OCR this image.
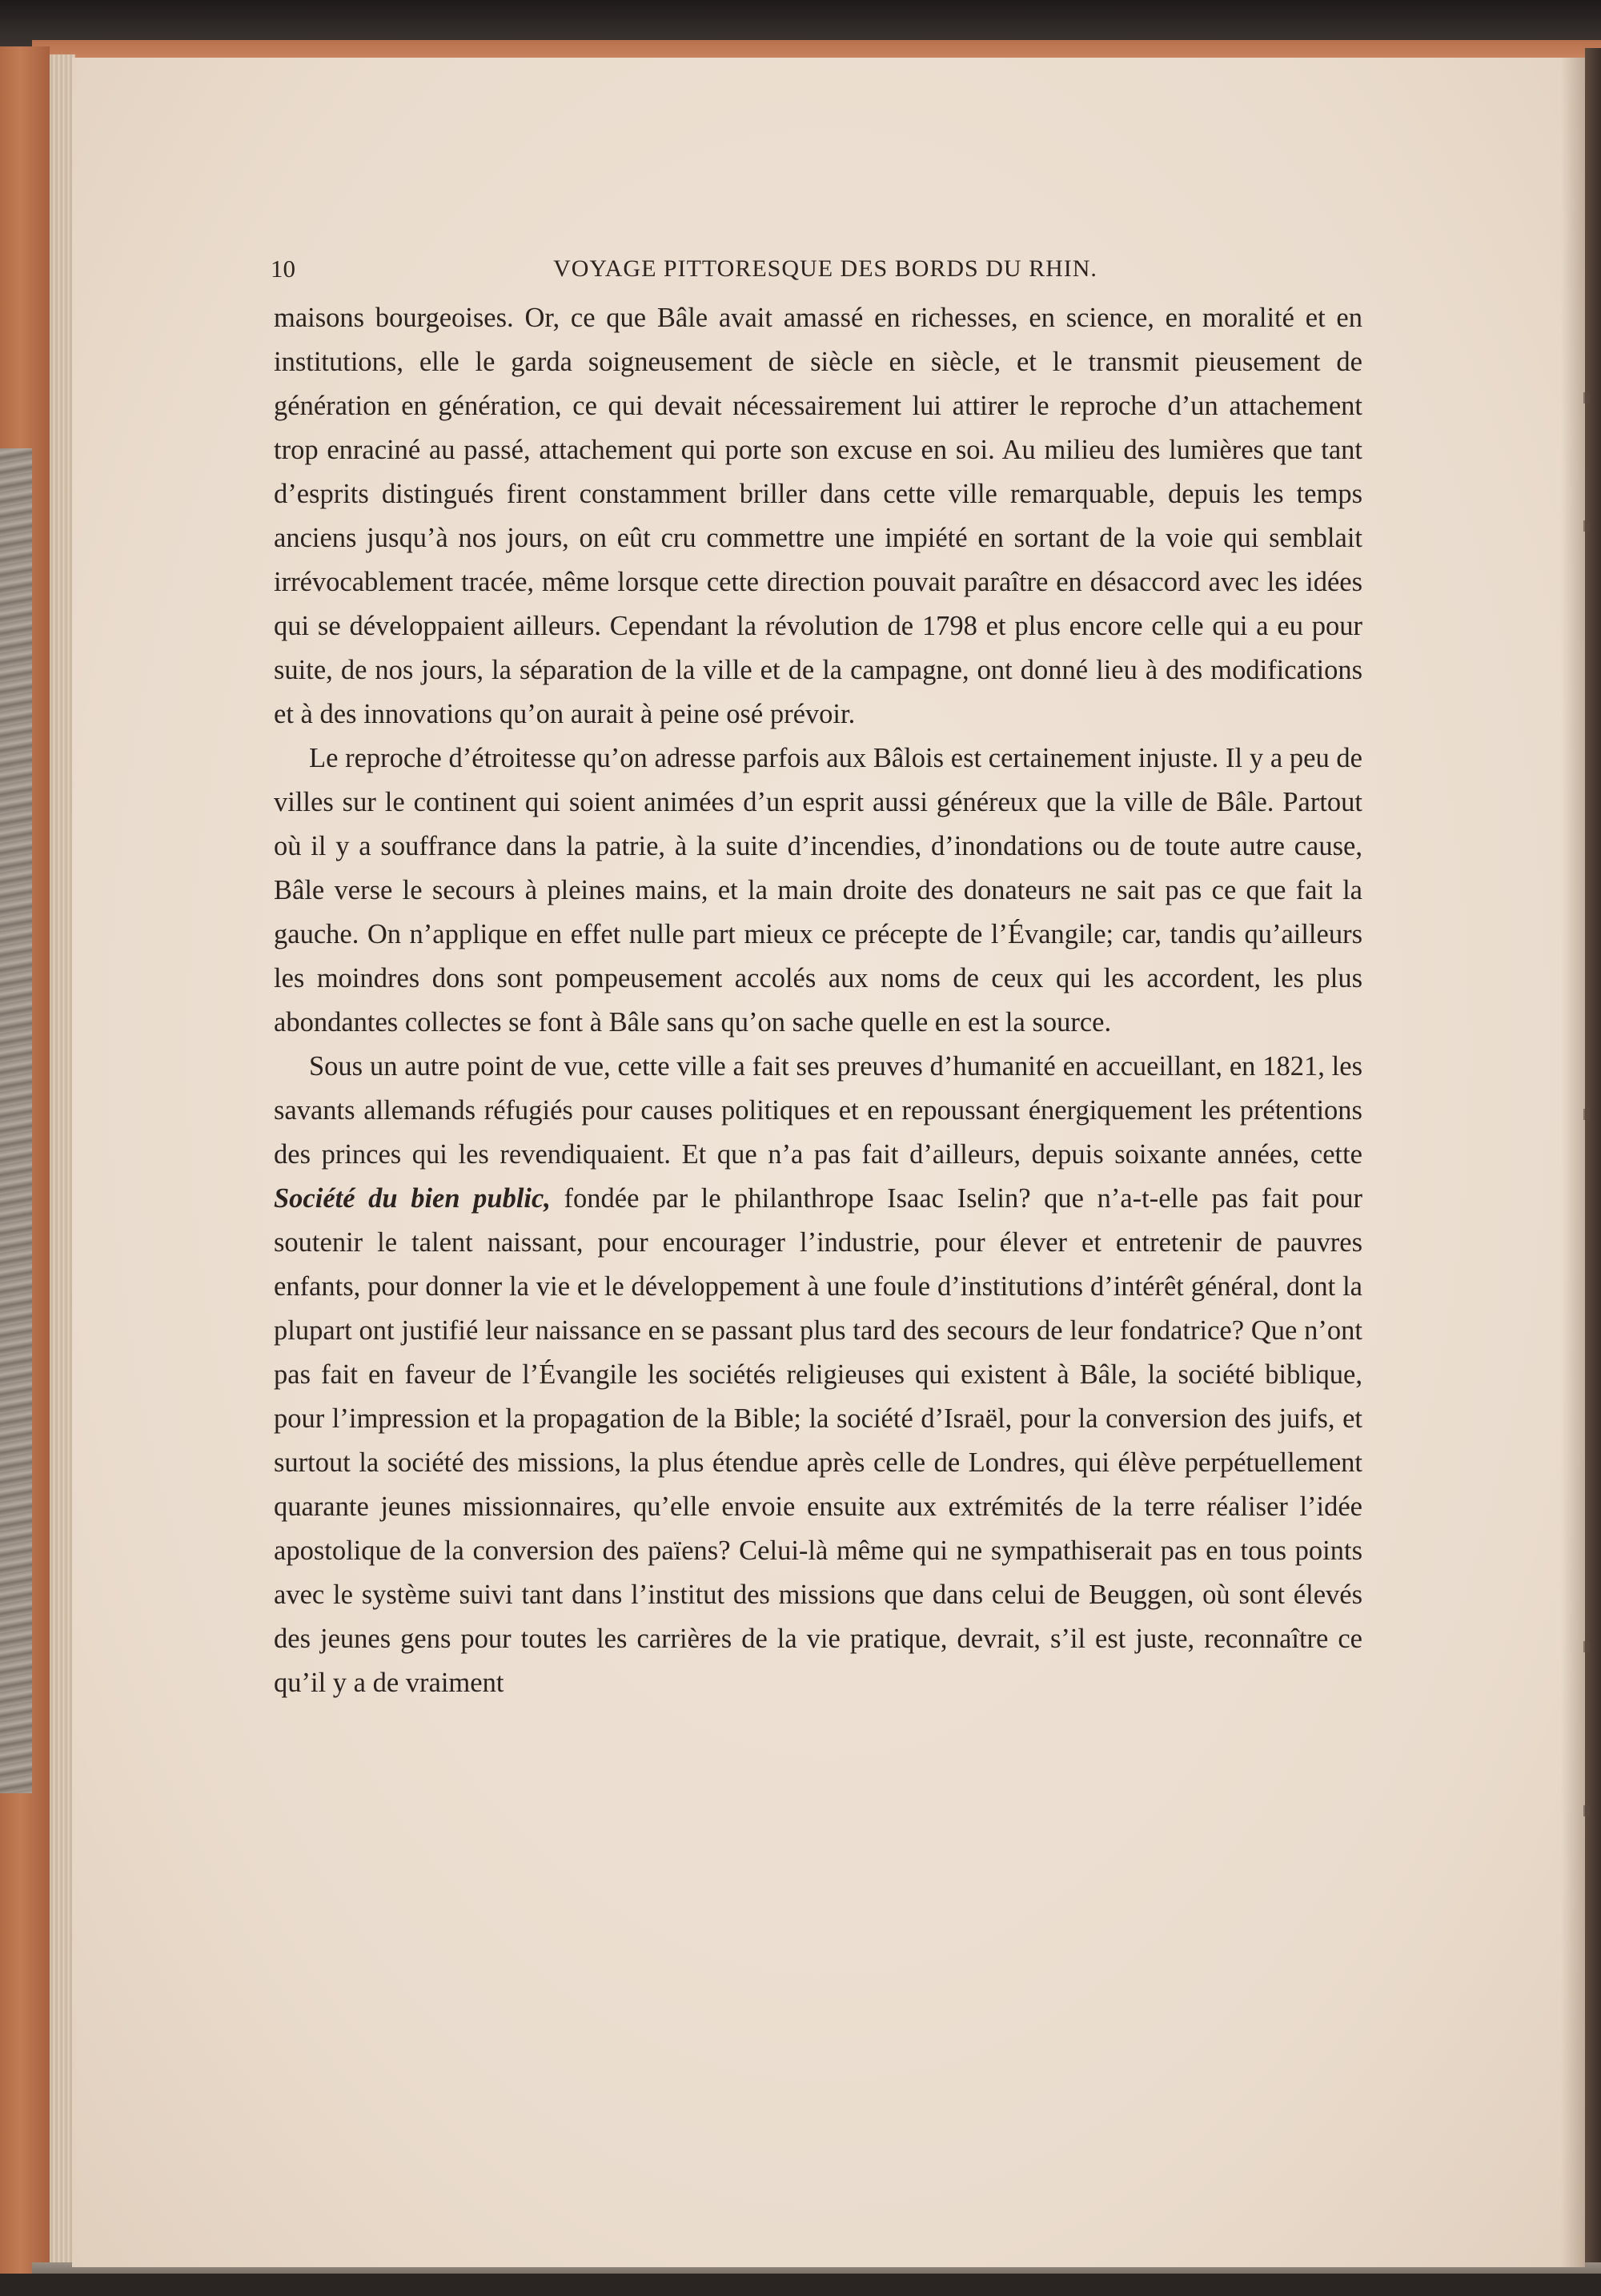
10	VOYAGE PITTORESQUE DES BORDS DU RHIN.

maisons bourgeoises. Or, ce que Bâle avait amassé en richesses, en science, en moralité et en institutions, elle le garda soigneusement de siècle en siècle, et le transmit pieusement de génération en génération, ce qui devait nécessairement lui attirer le reproche d’un attachement trop enraciné au passé, attachement qui porte son excuse en soi. Au milieu des lumières que tant d’esprits distingués firent constamment briller dans cette ville remarquable, depuis les temps anciens jusqu’à nos jours, on eût cru commettre une impiété en sortant de la voie qui semblait irrévocablement tracée, même lorsque cette direction pouvait paraître en désaccord avec les idées qui se développaient ailleurs. Cependant la révolution de 1798 et plus encore celle qui a eu pour suite, de nos jours, la séparation de la ville et de la campagne, ont donné lieu à des modifications et à des innovations qu’on aurait à peine osé prévoir.

Le reproche d’étroitesse qu’on adresse parfois aux Bâlois est certainement injuste. Il y a peu de villes sur le continent qui soient animées d’un esprit aussi généreux que la ville de Bâle. Partout où il y a souffrance dans la patrie, à la suite d’incendies, d’inondations ou de toute autre cause, Bâle verse le secours à pleines mains, et la main droite des donateurs ne sait pas ce que fait la gauche. On n’applique en effet nulle part mieux ce précepte de l’Évangile; car, tandis qu’ailleurs les moindres dons sont pompeusement accolés aux noms de ceux qui les accordent, les plus abondantes collectes se font à Bâle sans qu’on sache quelle en est la source.

Sous un autre point de vue, cette ville a fait ses preuves d’humanité en accueillant, en 1821, les savants allemands réfugiés pour causes politiques et en repoussant énergiquement les prétentions des princes qui les revendiquaient. Et que n’a pas fait d’ailleurs, depuis soixante années, cette Société du bien public, fondée par le philanthrope Isaac Iselin? que n’a-t-elle pas fait pour soutenir le talent naissant, pour encourager l’industrie, pour élever et entretenir de pauvres enfants, pour donner la vie et le développement à une foule d’institutions d’intérêt général, dont la plupart ont justifié leur naissance en se passant plus tard des secours de leur fondatrice? Que n’ont pas fait en faveur de l’Évangile les sociétés religieuses qui existent à Bâle, la société biblique, pour l’impression et la propagation de la Bible; la société d’Israël, pour la conversion des juifs, et surtout la société des missions, la plus étendue après celle de Londres, qui élève perpétuellement quarante jeunes missionnaires, qu’elle envoie ensuite aux extrémités de la terre réaliser l’idée apostolique de la conversion des païens? Celui-là même qui ne sympathiserait pas en tous points avec le système suivi tant dans l’institut des missions que dans celui de Beuggen, où sont élevés des jeunes gens pour toutes les carrières de la vie pratique, devrait, s’il est juste, reconnaître ce qu’il y a de vraiment
